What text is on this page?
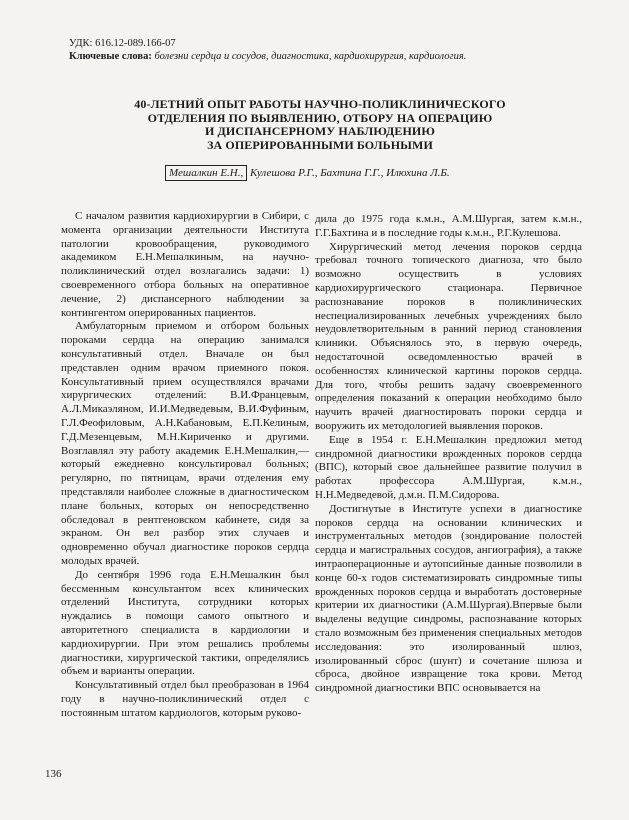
УДК: 616.12-089.166-07
Ключевые слова: болезни сердца и сосудов, диагностика, кардиохирургия, кардиология.
40-ЛЕТНИЙ ОПЫТ РАБОТЫ НАУЧНО-ПОЛИКЛИНИЧЕСКОГО
ОТДЕЛЕНИЯ ПО ВЫЯВЛЕНИЮ, ОТБОРУ НА ОПЕРАЦИЮ
И ДИСПАНСЕРНОМУ НАБЛЮДЕНИЮ
ЗА ОПЕРИРОВАННЫМИ БОЛЬНЫМИ
Мешалкин Е.Н., Кулешова Р.Г., Бахтина Г.Г., Илюхина Л.Б.

С началом развития кардиохирургии в Сибири, с момента организации деятельности Института патологии кровообращения, руководимого академиком Е.Н.Мешалкиным, на научно-поликлинический отдел возлагались задачи: 1) своевременного отбора больных на оперативное лечение, 2) диспансерного наблюдении за контингентом оперированных пациентов.

Амбулаторным приемом и отбором больных пороками сердца на операцию занимался консультативный отдел. Вначале он был представлен одним врачом приемного покоя. Консультативный прием осуществлялся врачами хирургических отделений: В.И.Францевым, А.Л.Микаэляном, И.И.Медведевым, В.И.Фуфиным, Г.Л.Феофиловым, А.Н.Кабановым, Е.П.Келиным, Г.Д.Мезенцевым, М.Н.Кириченко и другими. Возглавлял эту работу академик Е.Н.Мешалкин,— который ежедневно консультировал больных; регулярно, по пятницам, врачи отделения ему представляли наиболее сложные в диагностическом плане больных, которых он непосредственно обследовал в рентгеновском кабинете, сидя за экраном. Он вел разбор этих случаев и одновременно обучал диагностике пороков сердца молодых врачей.

До сентября 1996 года Е.Н.Мешалкин был бессменным консультантом всех клинических отделений Института, сотрудники которых нуждались в помощи самого опытного и авторитетного специалиста в кардиологии и кардиохирургии. При этом решались проблемы диагностики, хирургической тактики, определялись объем и варианты операции.

Консультативный отдел был преобразован в 1964 году в научно-поликлинический отдел с постоянным штатом кардиологов, которым руково-

дила до 1975 года к.м.н., А.М.Шургая, затем к.м.н., Г.Г.Бахтина и в последние годы к.м.н., Р.Г.Кулешова.

Хирургический метод лечения пороков сердца требовал точного топического диагноза, что было возможно осуществить в условиях кардиохирургического стационара. Первичное распознавание пороков в поликлинических неспециализированных лечебных учреждениях было неудовлетворительным в ранний период становления клиники. Объяснялось это, в первую очередь, недостаточной осведомленностью врачей в особенностях клинической картины пороков сердца. Для того, чтобы решить задачу своевременного определения показаний к операции необходимо было научить врачей диагностировать пороки сердца и вооружить их методологией выявления пороков.

Еще в 1954 г. Е.Н.Мешалкин предложил метод синдромной диагностики врожденных пороков сердца (ВПС), который свое дальнейшее развитие получил в работах профессора А.М.Шургая, к.м.н., Н.Н.Медведевой, д.м.н. П.М.Сидорова.

Достигнутые в Институте успехи в диагностике пороков сердца на основании клинических и инструментальных методов (зондирование полостей сердца и магистральных сосудов, ангиография), а также интраоперационные и аутопсийные данные позволили в конце 60-х годов систематизировать синдромные типы врожденных пороков сердца и выработать достоверные критерии их диагностики (А.М.Шургая).Впервые были выделены ведущие синдромы, распознавание которых стало возможным без применения специальных методов исследования: это изолированный шлюз, изолированный сброс (шунт) и сочетание шлюза и сброса, двойное извращение тока крови. Метод синдромной диагностики ВПС основывается на

136
